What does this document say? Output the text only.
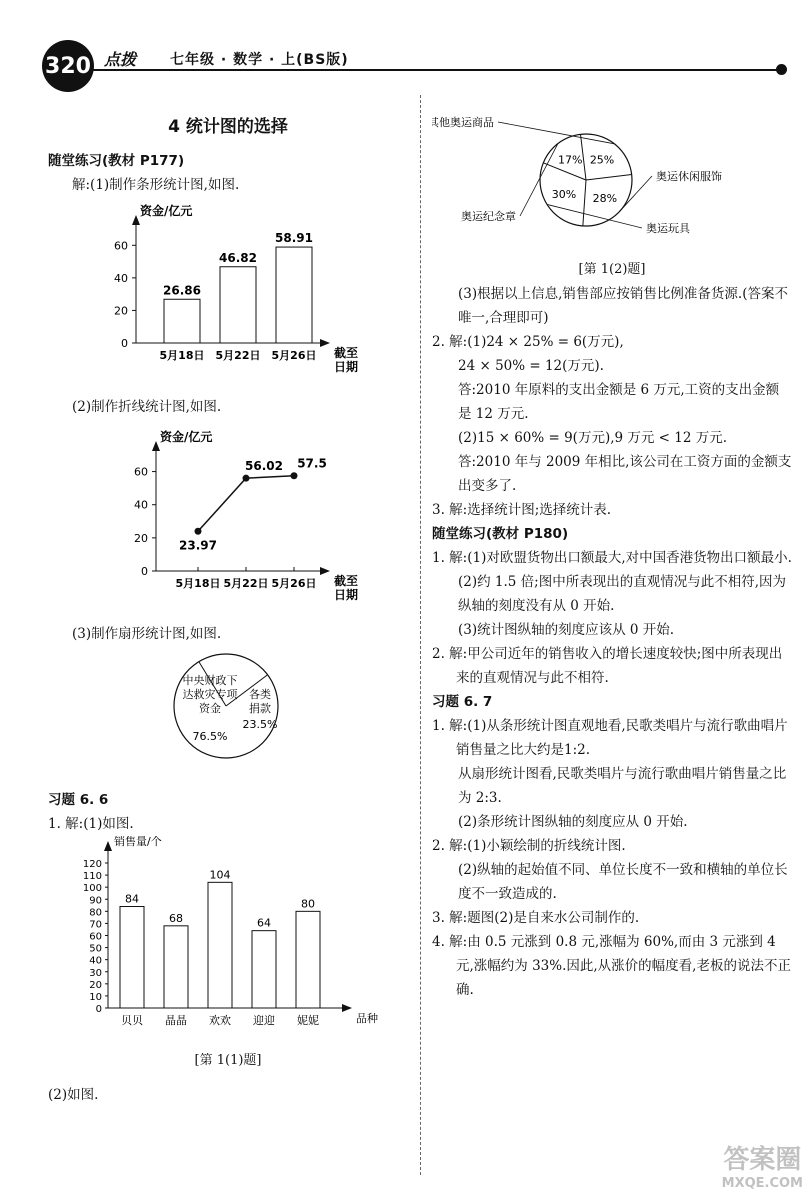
320 点拨 七年级 · 数学 · 上(BS版)
4 统计图的选择

随堂练习(教材 P177)

解:(1)制作条形统计图,如图.

资金/亿元
截至
日期
0
20
40
60
5月18日
26.86
5月22日
46.82
5月26日
58.91

(2)制作折线统计图,如图.

资金/亿元
截至
日期
0
20
40
60
5月18日 5月22日 5月26日
23.97
56.02 57.5

(3)制作扇形统计图,如图.

中央财政下
达救灾专项
资金
76.5%
各类
捐款
23.5%

习题 6. 6

1. 解:(1)如图.

销售量/个
品种
0
10
20
30
40
50
60
70
80
90
100
110
120
84
贝贝
68
晶晶
104
欢欢
64
迎迎
80
妮妮

[第 1(1)题]

(2)如图.

25%
其他奥运商品
28%
奥运休闲服饰
30%
奥运玩具
17%
奥运纪念章

[第 1(2)题]

(3)根据以上信息,销售部应按销售比例准备货源.(答案不唯一,合理即可)

2. 解:(1)24 × 25% = 6(万元),

24 × 50% = 12(万元).

答:2010 年原料的支出金额是 6 万元,工资的支出金额是 12 万元.

(2)15 × 60% = 9(万元),9 万元 < 12 万元.

答:2010 年与 2009 年相比,该公司在工资方面的金额支出变多了.

3. 解:选择统计图;选择统计表.

随堂练习(教材 P180)

1. 解:(1)对欧盟货物出口额最大,对中国香港货物出口额最小.

(2)约 1.5 倍;图中所表现出的直观情况与此不相符,因为纵轴的刻度没有从 0 开始.

(3)统计图纵轴的刻度应该从 0 开始.

2. 解:甲公司近年的销售收入的增长速度较快;图中所表现出来的直观情况与此不相符.

习题 6. 7

1. 解:(1)从条形统计图直观地看,民歌类唱片与流行歌曲唱片销售量之比大约是1:2.

从扇形统计图看,民歌类唱片与流行歌曲唱片销售量之比为 2:3.

(2)条形统计图纵轴的刻度应从 0 开始.

2. 解:(1)小颖绘制的折线统计图.

(2)纵轴的起始值不同、单位长度不一致和横轴的单位长度不一致造成的.

3. 解:题图(2)是自来水公司制作的.

4. 解:由 0.5 元涨到 0.8 元,涨幅为 60%,而由 3 元涨到 4 元,涨幅约为 33%.因此,从涨价的幅度看,老板的说法不正确.

答案圈
MXQE.COM
